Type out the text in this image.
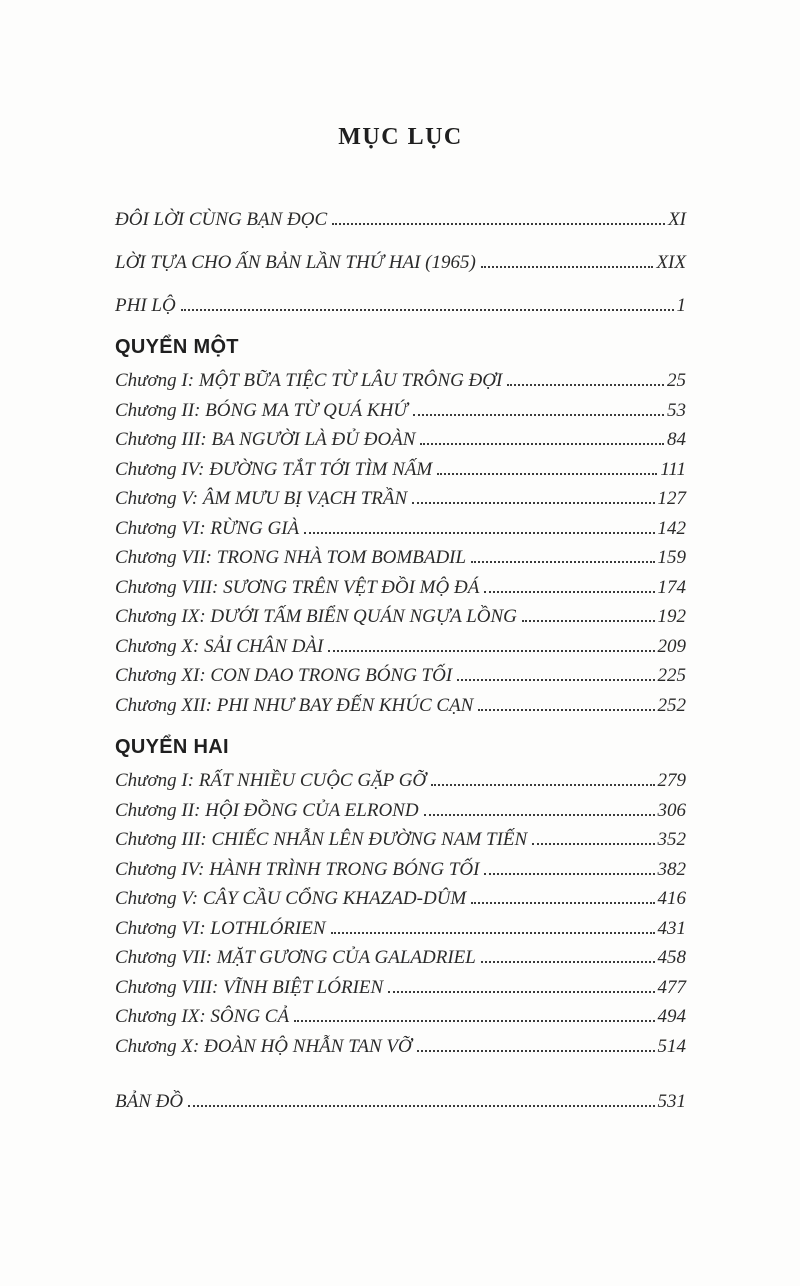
MỤC LỤC
ĐÔI LỜI CÙNG BẠN ĐỌC	XI
LỜI TỰA CHO ẤN BẢN LẦN THỨ HAI (1965)	XIX
PHI LỘ	1
QUYỂN MỘT
Chương I: MỘT BỮA TIỆC TỪ LÂU TRÔNG ĐỢI	25
Chương II: BÓNG MA TỪ QUÁ KHỨ	53
Chương III: BA NGƯỜI LÀ ĐỦ ĐOÀN	84
Chương IV: ĐƯỜNG TẮT TỚI TÌM NẤM	111
Chương V: ÂM MƯU BỊ VẠCH TRẦN	127
Chương VI: RỪNG GIÀ	142
Chương VII: TRONG NHÀ TOM BOMBADIL	159
Chương VIII: SƯƠNG TRÊN VỆT ĐỒI MỘ ĐÁ	174
Chương IX: DƯỚI TẤM BIỂN QUÁN NGỰA LỒNG	192
Chương X: SẢI CHÂN DÀI	209
Chương XI: CON DAO TRONG BÓNG TỐI	225
Chương XII: PHI NHƯ BAY ĐẾN KHÚC CẠN	252
QUYỂN HAI
Chương I: RẤT NHIỀU CUỘC GẶP GỠ	279
Chương II: HỘI ĐỒNG CỦA ELROND	306
Chương III: CHIẾC NHẪN LÊN ĐƯỜNG NAM TIẾN	352
Chương IV: HÀNH TRÌNH TRONG BÓNG TỐI	382
Chương V: CÂY CẦU CỔNG KHAZAD-DÛM	416
Chương VI: LOTHLÓRIEN	431
Chương VII: MẶT GƯƠNG CỦA GALADRIEL	458
Chương VIII: VĨNH BIỆT LÓRIEN	477
Chương IX: SÔNG CẢ	494
Chương X: ĐOÀN HỘ NHẪN TAN VỠ	514
BẢN ĐỒ	531
